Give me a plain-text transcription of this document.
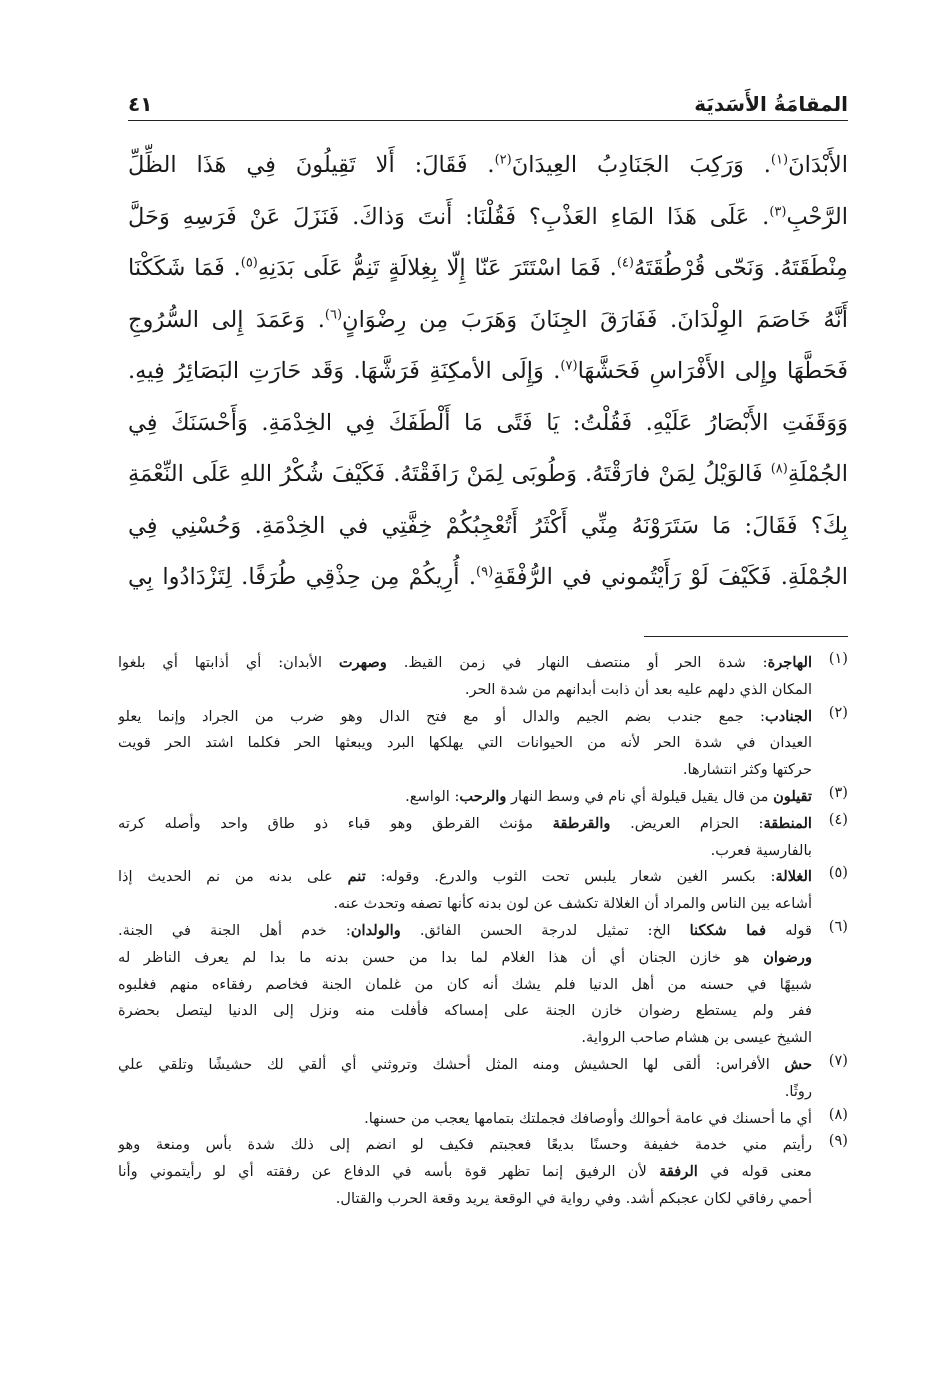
المقامَةُ الأَسَديَة
٤١
الأَبْدَانَ$^{(١)}$. وَرَكِبَ الجَنَادِبُ العِيدَانَ$^{(٢)}$. فَقَالَ: أَلا تَقِيلُونَ فِي هَذَا الظِّلِّ
الرَّحْبِ$^{(٣)}$. عَلَى هَذَا المَاءِ العَذْبِ؟ فَقُلْنَا: أَنتَ وَذاكَ. فَنَزَلَ عَنْ فَرَسِهِ وَحَلَّ
مِنْطَقَتَهُ. وَنَحّى قُرْطُقَتَهُ$^{(٤)}$. فَمَا اسْتَتَرَ عَنّا إِلّا بِغِلالَةٍ تَنِمُّ عَلَى بَدَنِهِ$^{(٥)}$. فَمَا شَكَكْنَا
أَنَّهُ خَاصَمَ الوِلْدَانَ. فَفَارَقَ الجِنَانَ وَهَرَبَ مِن رِضْوَانٍ$^{(٦)}$. وَعَمَدَ إِلى السُّرُوجِ
فَحَطَّهَا وإِلى الأَفْرَاسِ فَحَشَّهَا$^{(٧)}$. وَإِلَى الأمكِنَةِ فَرَشَّهَا. وَقَد حَارَتِ البَصَائِرُ فِيهِ.
وَوَقَفَتِ الأَبْصَارُ عَلَيْهِ. فَقُلْتُ: يَا فَتًى مَا أَلْطَفَكَ فِي الخِدْمَةِ. وَأَحْسَنَكَ فِي
الجُمْلَةِ$^{(٨)}$ فَالوَيْلُ لِمَنْ فارَقْتَهُ. وَطُوبَى لِمَنْ رَافَقْتَهُ. فَكَيْفَ شُكْرُ اللهِ عَلَى النِّعْمَةِ
بِكَ؟ فَقَالَ: مَا سَتَرَوْنَهُ مِنِّي أَكْثَرُ أَتُعْجِبُكُمْ خِفَّتِي في الخِدْمَةِ. وَحُسْنِي فِي
الجُمْلَةِ. فَكَيْفَ لَوْ رَأَيْتُموني في الرُّفْقَةِ$^{(٩)}$. أُرِيكُمْ مِن حِذْقِي طُرَفًا. لِتَزْدَادُوا بِي
(١)
الهاجرة: شدة الحر أو منتصف النهار في زمن القيظ. وصهرت الأبدان: أي أذابتها أي بلغوا
المكان الذي دلهم عليه بعد أن ذابت أبدانهم من شدة الحر.
(٢)
الجنادب: جمع جندب بضم الجيم والدال أو مع فتح الدال وهو ضرب من الجراد وإنما يعلو
العيدان في شدة الحر لأنه من الحيوانات التي يهلكها البرد ويبعثها الحر فكلما اشتد الحر قويت
حركتها وكثر انتشارها.
(٣)
تقيلون من قال يقيل قيلولة أي نام في وسط النهار والرحب: الواسع.
(٤)
المنطقة: الحزام العريض. والقرطقة مؤنث القرطق وهو قباء ذو طاق واحد وأصله كرته
بالفارسية فعرب.
(٥)
الغلالة: بكسر الغين شعار يلبس تحت الثوب والدرع. وقوله: تنم على بدنه من نم الحديث إذا
أشاعه بين الناس والمراد أن الغلالة تكشف عن لون بدنه كأنها تصفه وتحدث عنه.
(٦)
قوله فما شككنا الخ: تمثيل لدرجة الحسن الفائق. والولدان: خدم أهل الجنة في الجنة.
ورضوان هو خازن الجنان أي أن هذا الغلام لما بدا من حسن بدنه ما بدا لم يعرف الناظر له
شبيهًا في حسنه من أهل الدنيا فلم يشك أنه كان من غلمان الجنة فخاصم رفقاءه منهم فغلبوه
ففر ولم يستطع رضوان خازن الجنة على إمساكه فأفلت منه ونزل إلى الدنيا ليتصل بحضرة
الشيخ عيسى بن هشام صاحب الرواية.
(٧)
حش الأفراس: ألقى لها الحشيش ومنه المثل أحشك وتروثني أي ألقي لك حشيشًا وتلقي علي
روثًا.
(٨)
أي ما أحسنك في عامة أحوالك وأوصافك فجملتك بتمامها يعجب من حسنها.
(٩)
رأيتم مني خدمة خفيفة وحسنًا بديعًا فعجبتم فكيف لو انضم إلى ذلك شدة بأس ومنعة وهو
معنى قوله في الرفقة لأن الرفيق إنما تظهر قوة بأسه في الدفاع عن رفقته أي لو رأيتموني وأنا
أحمي رفاقي لكان عجبكم أشد. وفي رواية في الوقعة يريد وقعة الحرب والقتال.
